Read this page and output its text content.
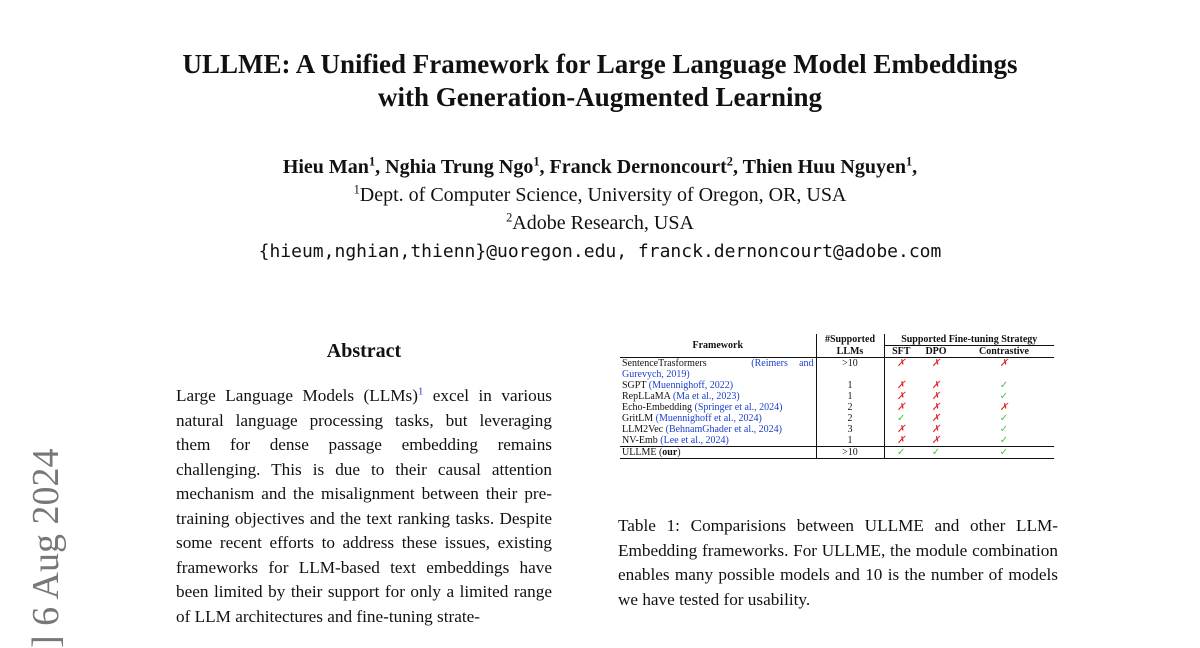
ULLME: A Unified Framework for Large Language Model Embeddings
with Generation-Augmented Learning
Hieu Man$^1$, Nghia Trung Ngo$^1$, Franck Dernoncourt$^2$, Thien Huu Nguyen$^1$,
$^1$Dept. of Computer Science, University of Oregon, OR, USA
$^2$Adobe Research, USA
{hieum,nghian,thienn}@uoregon.edu, franck.dernoncourt@adobe.com
] 6 Aug 2024
Abstract
Large Language Models (LLMs)$^1$ excel in various natural language processing tasks, but leveraging them for dense passage embedding remains challenging. This is due to their causal attention mechanism and the misalignment between their pre-training objectives and the text ranking tasks. Despite some recent efforts to address these issues, existing frameworks for LLM-based text embeddings have been limited by their support for only a limited range of LLM architectures and fine-tuning strate-
Framework	#Supported	Supported Fine-tuning Strategy		
	LLMs	SFT	DPO	Contrastive
SentenceTrasformers (Reimers and Gurevych, 2019)	>10	✗	✗	✗
SGPT (Muennighoff, 2022)	1	✗	✗	✓
RepLLaMA (Ma et al., 2023)	1	✗	✗	✓
Echo-Embedding (Springer et al., 2024)	2	✗	✗	✗
GritLM (Muennighoff et al., 2024)	2	✓	✗	✓
LLM2Vec (BehnamGhader et al., 2024)	3	✗	✗	✓
NV-Emb (Lee et al., 2024)	1	✗	✗	✓
ULLME (our)	>10	✓	✓	✓
Table 1: Comparisions between ULLME and other LLM-Embedding frameworks. For ULLME, the module combination enables many possible models and 10 is the number of models we have tested for usability.
